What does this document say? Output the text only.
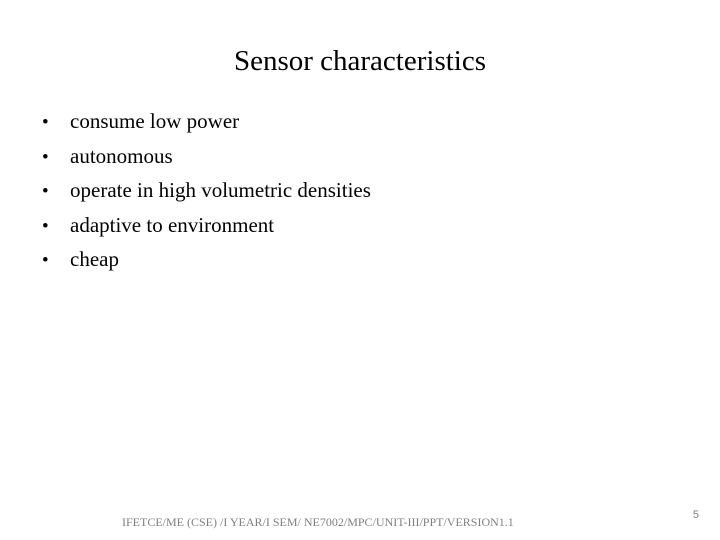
Sensor characteristics
•	consume low power
•	autonomous
•	operate in high volumetric densities
•	adaptive to environment
•	cheap
IFETCE/ME (CSE) /I YEAR/I SEM/ NE7002/MPC/UNIT-III/PPT/VERSION1.1	5
